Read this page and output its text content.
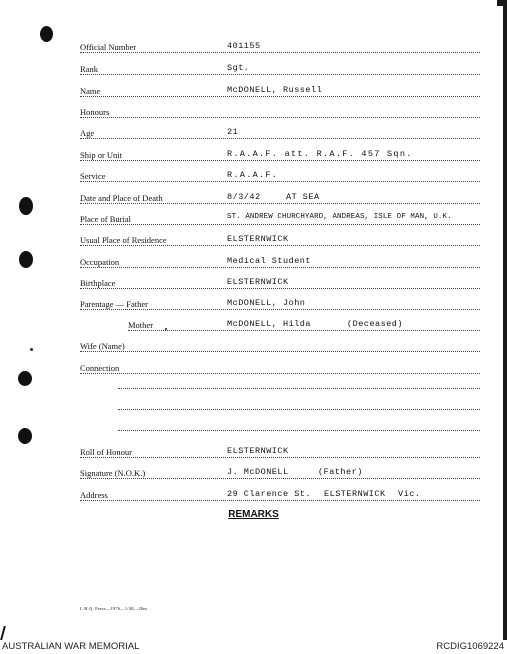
Official Number	401155
Rank	Sgt.
Name	McDONELL, Russell
Honours
Age	21
Ship or Unit	R.A.A.F. att. R.A.F. 457 Sqn.
Service	R.A.A.F.
Date and Place of Death	8/3/42	AT SEA
Place of Burial	ST. ANDREW CHURCHYARD, ANDREAS, ISLE OF MAN, U.K.
Usual Place of Residence	ELSTERNWICK
Occupation	Medical Student
Birthplace	ELSTERNWICK
Parentage — Father	McDONELL, John
Mother	McDONELL, Hilda	(Deceased)
Wife (Name)
Connection
Roll of Honour	ELSTERNWICK
Signature (N.O.K.)	J. McDONELL	(Father)
Address	29 Clarence St. ELSTERNWICK Vic.
REMARKS
L.H.Q. Press—1976—1/48—20m.
AUSTRALIAN WAR MEMORIAL	RCDIG1069224
